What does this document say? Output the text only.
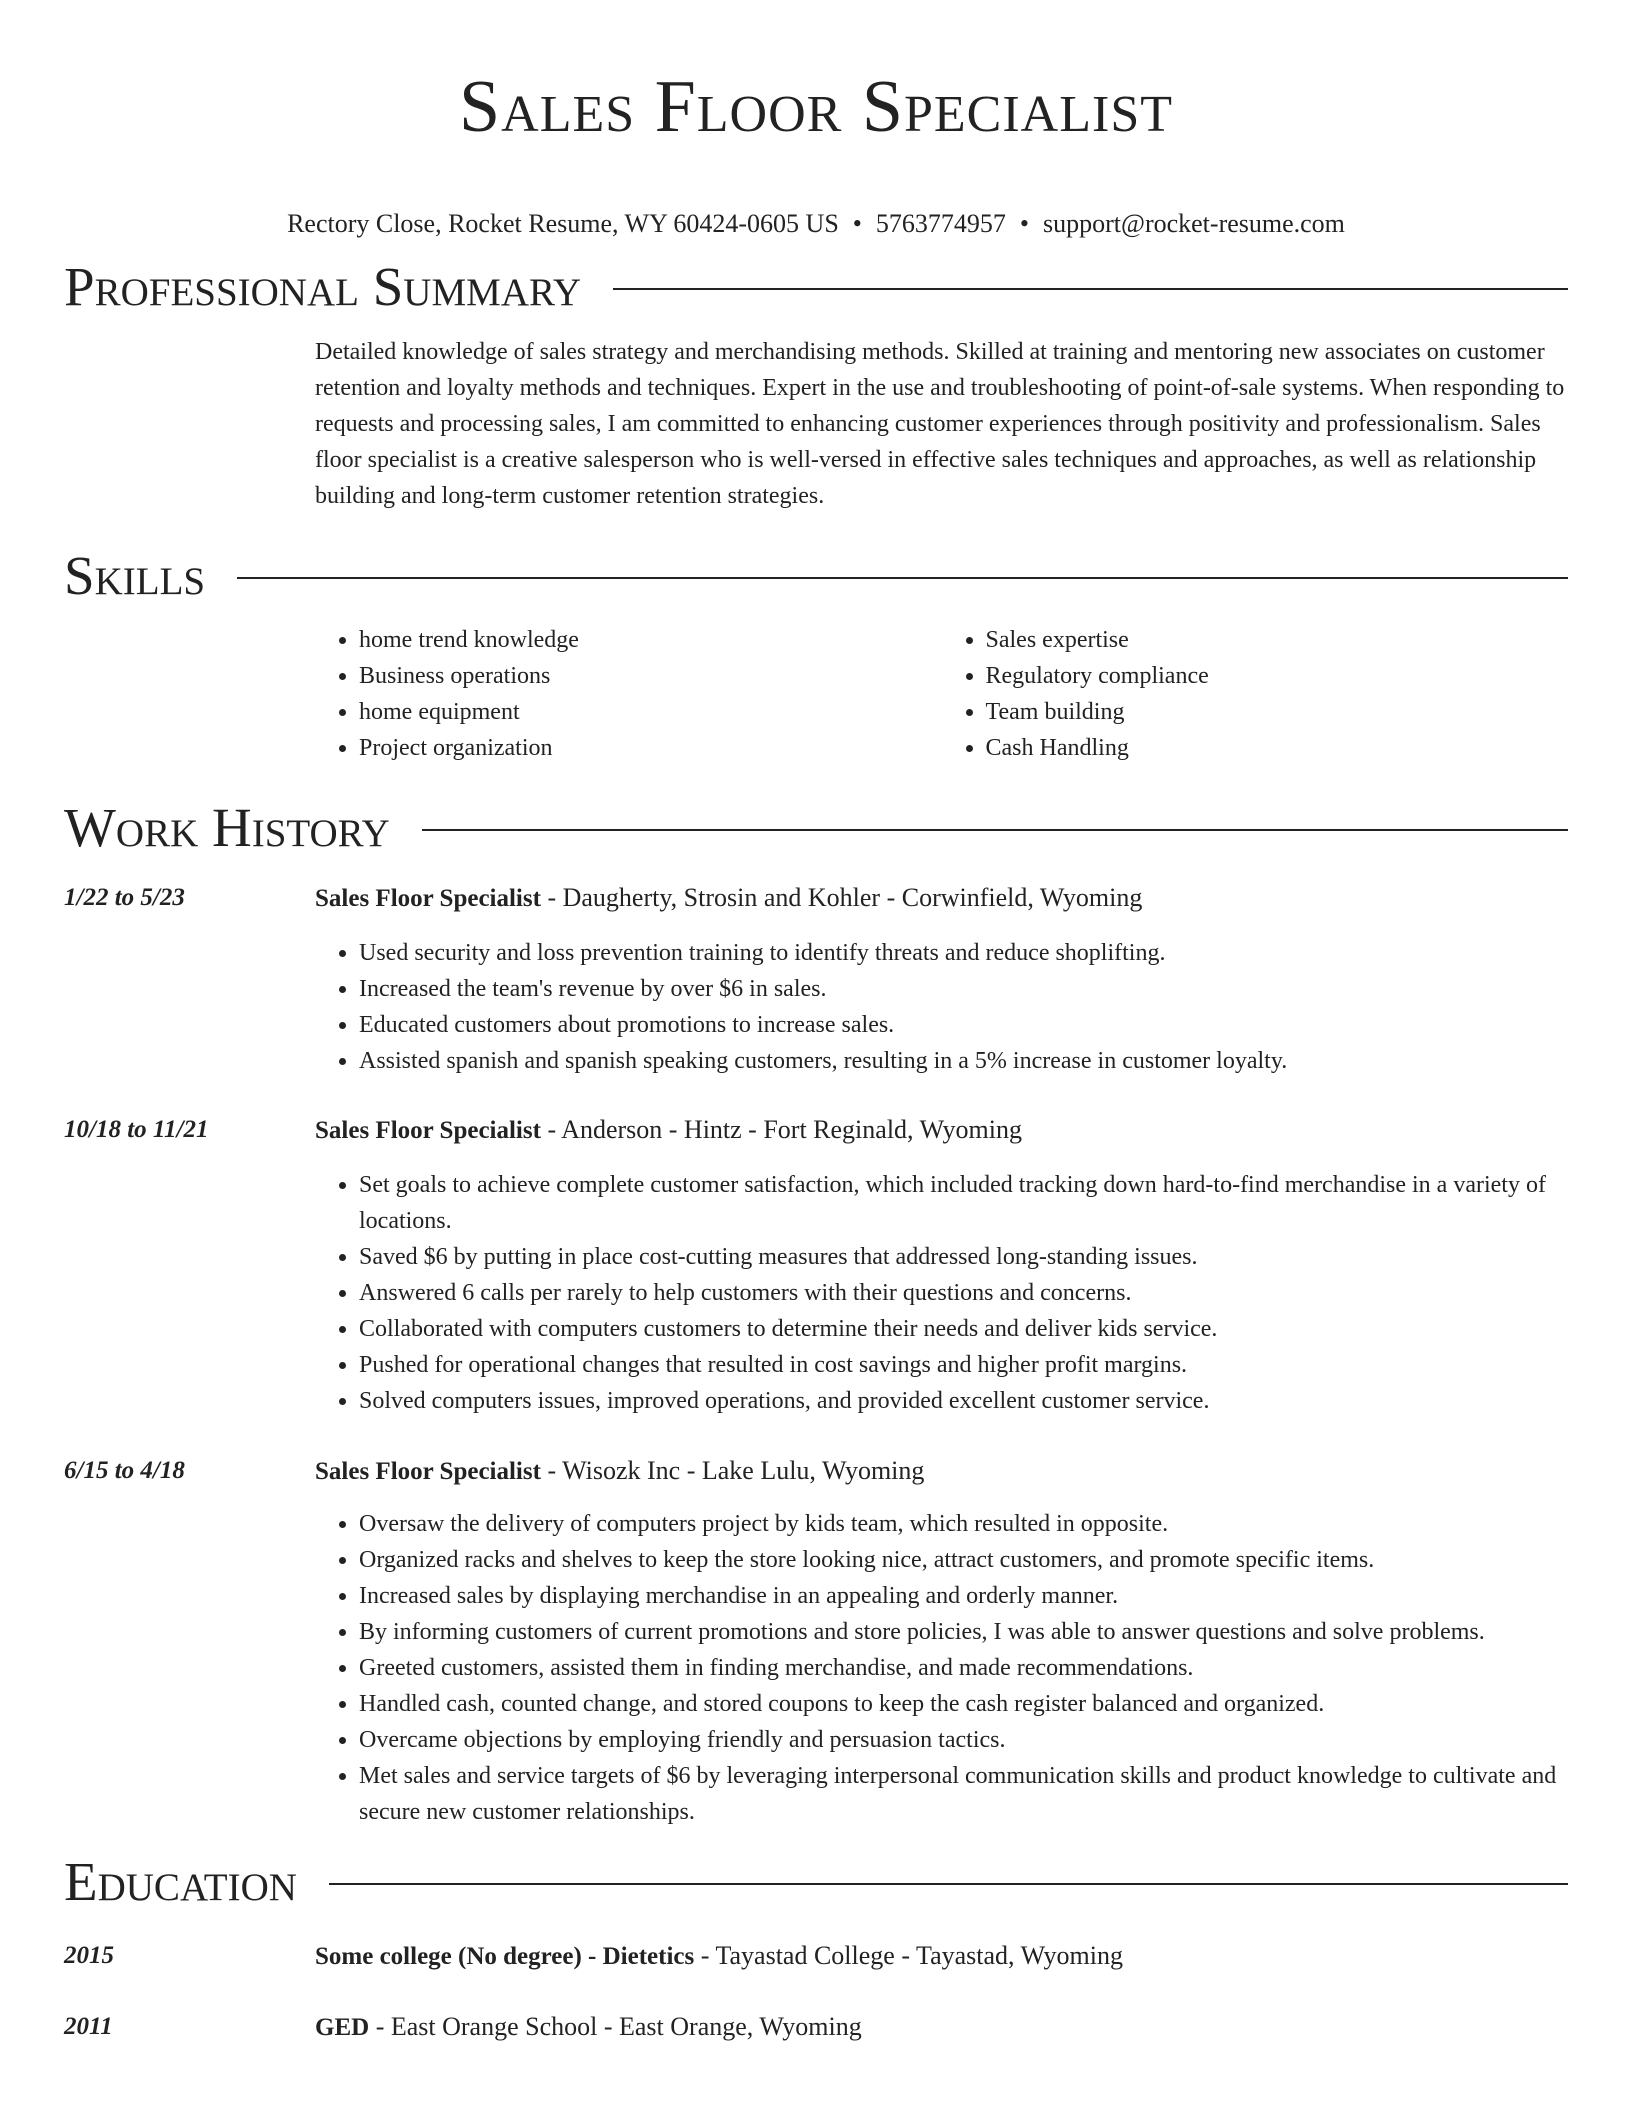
Sales Floor Specialist
Rectory Close, Rocket Resume, WY 60424-0605 US • 5763774957 • support@rocket-resume.com
Professional Summary

Detailed knowledge of sales strategy and merchandising methods. Skilled at training and mentoring new associates on customer retention and loyalty methods and techniques. Expert in the use and troubleshooting of point-of-sale systems. When responding to requests and processing sales, I am committed to enhancing customer experiences through positivity and professionalism. Sales floor specialist is a creative salesperson who is well-versed in effective sales techniques and approaches, as well as relationship building and long-term customer retention strategies.

Skills
• home trend knowledge
• Business operations
• home equipment
• Project organization
• Sales expertise
• Regulatory compliance
• Team building
• Cash Handling
Work History
1/22 to 5/23	Sales Floor Specialist - Daugherty, Strosin and Kohler - Corwinfield, Wyoming
• Used security and loss prevention training to identify threats and reduce shoplifting.
• Increased the team's revenue by over $6 in sales.
• Educated customers about promotions to increase sales.
• Assisted spanish and spanish speaking customers, resulting in a 5% increase in customer loyalty.
10/18 to 11/21	Sales Floor Specialist - Anderson - Hintz - Fort Reginald, Wyoming
• Set goals to achieve complete customer satisfaction, which included tracking down hard-to-find merchandise in a variety of locations.
• Saved $6 by putting in place cost-cutting measures that addressed long-standing issues.
• Answered 6 calls per rarely to help customers with their questions and concerns.
• Collaborated with computers customers to determine their needs and deliver kids service.
• Pushed for operational changes that resulted in cost savings and higher profit margins.
• Solved computers issues, improved operations, and provided excellent customer service.
6/15 to 4/18	Sales Floor Specialist - Wisozk Inc - Lake Lulu, Wyoming
• Oversaw the delivery of computers project by kids team, which resulted in opposite.
• Organized racks and shelves to keep the store looking nice, attract customers, and promote specific items.
• Increased sales by displaying merchandise in an appealing and orderly manner.
• By informing customers of current promotions and store policies, I was able to answer questions and solve problems.
• Greeted customers, assisted them in finding merchandise, and made recommendations.
• Handled cash, counted change, and stored coupons to keep the cash register balanced and organized.
• Overcame objections by employing friendly and persuasion tactics.
• Met sales and service targets of $6 by leveraging interpersonal communication skills and product knowledge to cultivate and secure new customer relationships.
Education
2015	Some college (No degree) - Dietetics - Tayastad College - Tayastad, Wyoming
2011	GED - East Orange School - East Orange, Wyoming
